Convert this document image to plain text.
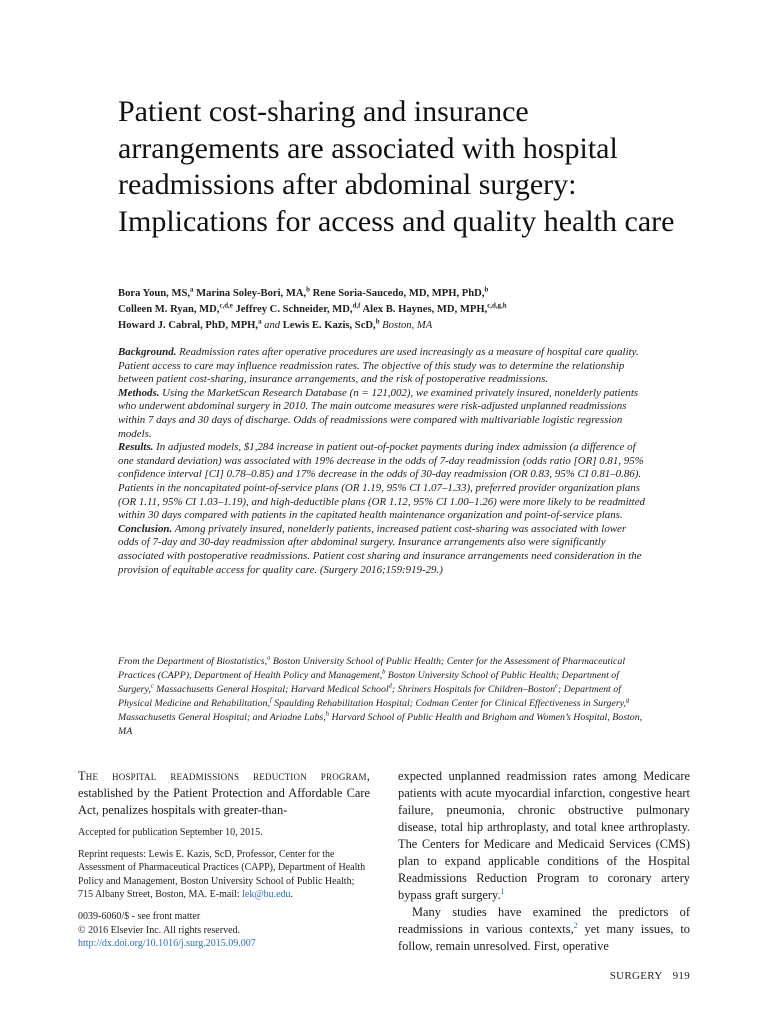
Patient cost-sharing and insurance arrangements are associated with hospital readmissions after abdominal surgery: Implications for access and quality health care

Bora Youn, MS,$^a$ Marina Soley-Bori, MA,$^b$ Rene Soria-Saucedo, MD, MPH, PhD,$^b$
Colleen M. Ryan, MD,$^{c,d,e}$ Jeffrey C. Schneider, MD,$^{d,f}$ Alex B. Haynes, MD, MPH,$^{c,d,g,h}$
Howard J. Cabral, PhD, MPH,$^a$ and Lewis E. Kazis, ScD,$^b$ Boston, MA

Background. Readmission rates after operative procedures are used increasingly as a measure of hospital care quality. Patient access to care may influence readmission rates. The objective of this study was to determine the relationship between patient cost-sharing, insurance arrangements, and the risk of postoperative readmissions.

Methods. Using the MarketScan Research Database (n = 121,002), we examined privately insured, nonelderly patients who underwent abdominal surgery in 2010. The main outcome measures were risk-adjusted unplanned readmissions within 7 days and 30 days of discharge. Odds of readmissions were compared with multivariable logistic regression models.

Results. In adjusted models, $1,284 increase in patient out-of-pocket payments during index admission (a difference of one standard deviation) was associated with 19% decrease in the odds of 7-day readmission (odds ratio [OR] 0.81, 95% confidence interval [CI] 0.78–0.85) and 17% decrease in the odds of 30-day readmission (OR 0.83, 95% CI 0.81–0.86). Patients in the noncapitated point-of-service plans (OR 1.19, 95% CI 1.07–1.33), preferred provider organization plans (OR 1.11, 95% CI 1.03–1.19), and high-deductible plans (OR 1.12, 95% CI 1.00–1.26) were more likely to be readmitted within 30 days compared with patients in the capitated health maintenance organization and point-of-service plans.

Conclusion. Among privately insured, nonelderly patients, increased patient cost-sharing was associated with lower odds of 7-day and 30-day readmission after abdominal surgery. Insurance arrangements also were significantly associated with postoperative readmissions. Patient cost sharing and insurance arrangements need consideration in the provision of equitable access for quality care. (Surgery 2016;159:919-29.)

From the Department of Biostatistics,$^a$ Boston University School of Public Health; Center for the Assessment of Pharmaceutical Practices (CAPP), Department of Health Policy and Management,$^b$ Boston University School of Public Health; Department of Surgery,$^c$ Massachusetts General Hospital; Harvard Medical School$^d$; Shriners Hospitals for Children–Boston$^e$; Department of Physical Medicine and Rehabilitation,$^f$ Spaulding Rehabilitation Hospital; Codman Center for Clinical Effectiveness in Surgery,$^g$ Massachusetts General Hospital; and Ariadne Labs,$^h$ Harvard School of Public Health and Brigham and Women’s Hospital, Boston, MA

The hospital readmissions reduction program, established by the Patient Protection and Affordable Care Act, penalizes hospitals with greater-than-

Accepted for publication September 10, 2015.

Reprint requests: Lewis E. Kazis, ScD, Professor, Center for the Assessment of Pharmaceutical Practices (CAPP), Department of Health Policy and Management, Boston University School of Public Health; 715 Albany Street, Boston, MA. E-mail: lek@bu.edu.

0039-6060/$ - see front matter

© 2016 Elsevier Inc. All rights reserved.

http://dx.doi.org/10.1016/j.surg.2015.09.007

expected unplanned readmission rates among Medicare patients with acute myocardial infarction, congestive heart failure, pneumonia, chronic obstructive pulmonary disease, total hip arthroplasty, and total knee arthroplasty. The Centers for Medicare and Medicaid Services (CMS) plan to expand applicable conditions of the Hospital Readmissions Reduction Program to coronary artery bypass graft surgery.$^1$

Many studies have examined the predictors of readmissions in various contexts,$^2$ yet many issues, to follow, remain unresolved. First, operative

SURGERY 919
